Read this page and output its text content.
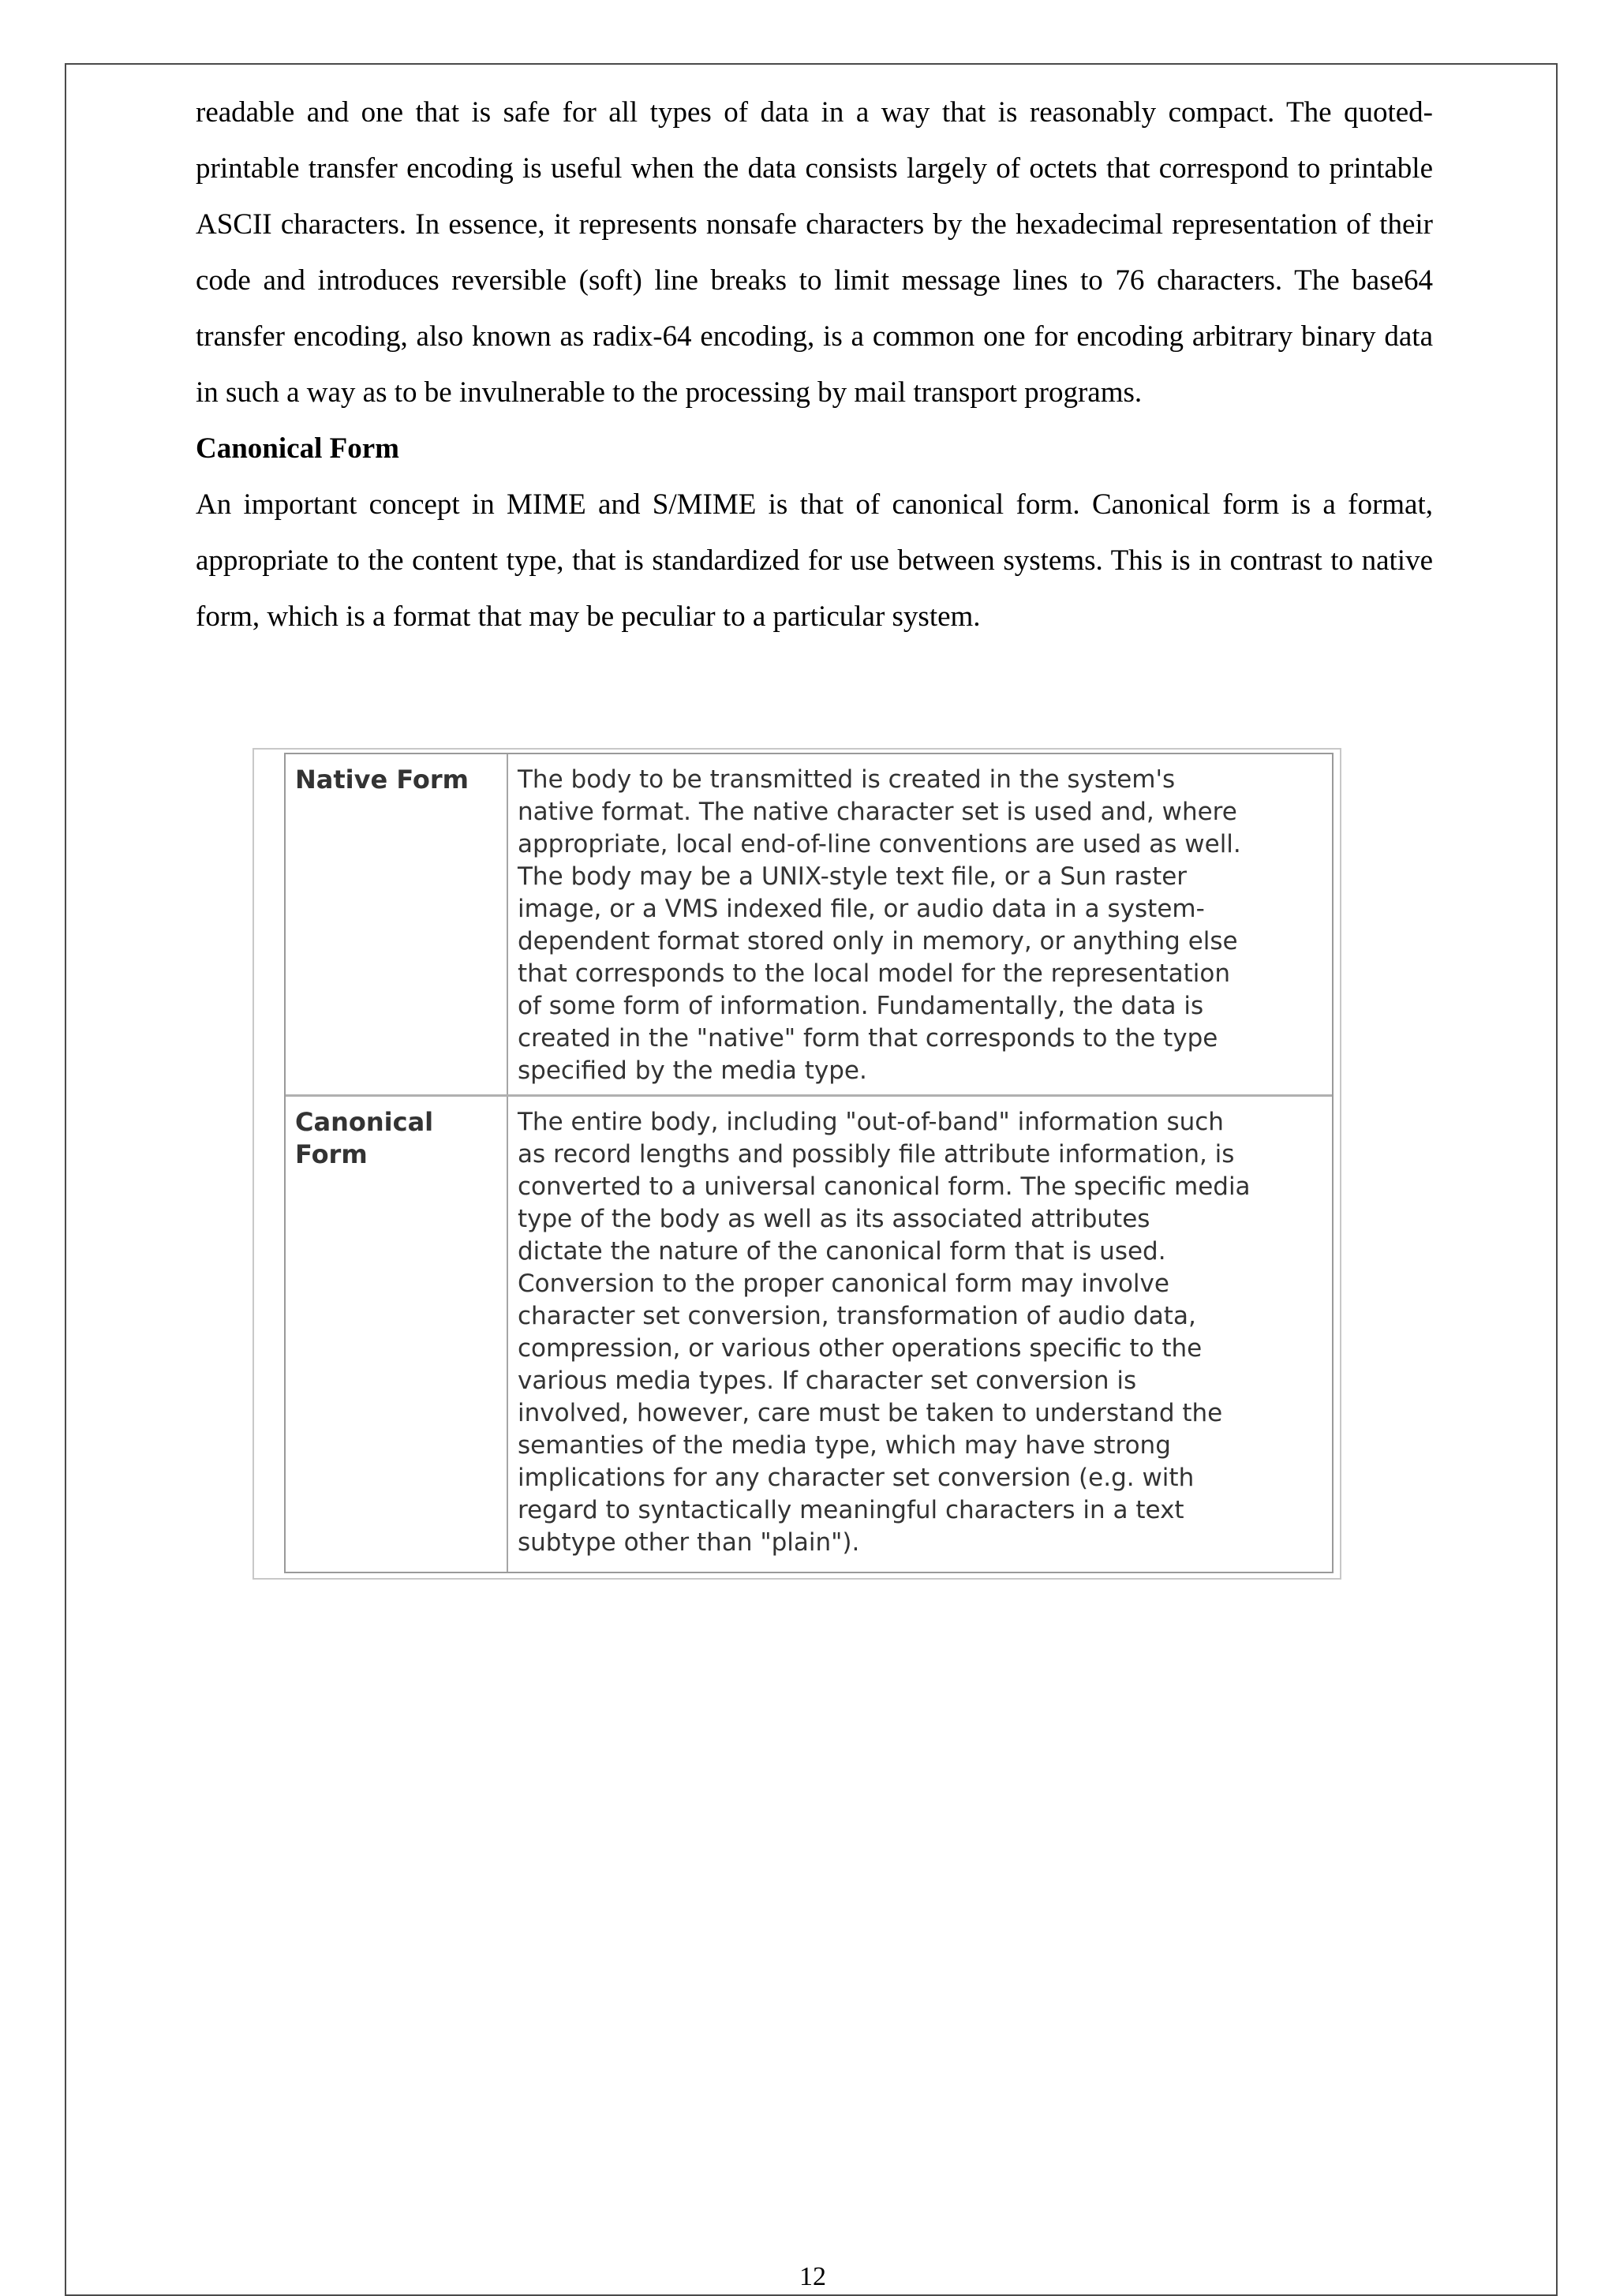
readable and one that is safe for all types of data in a way that is reasonably compact. The quoted-printable transfer encoding is useful when the data consists largely of octets that correspond to printable ASCII characters. In essence, it represents nonsafe characters by the hexadecimal representation of their code and introduces reversible (soft) line breaks to limit message lines to 76 characters. The base64 transfer encoding, also known as radix-64 encoding, is a common one for encoding arbitrary binary data in such a way as to be invulnerable to the processing by mail transport programs.

Canonical Form

An important concept in MIME and S/MIME is that of canonical form. Canonical form is a format, appropriate to the content type, that is standardized for use between systems. This is in contrast to native form, which is a format that may be peculiar to a particular system.

Native Form	The body to be transmitted is created in the system's
native format. The native character set is used and, where
appropriate, local end-of-line conventions are used as well.
The body may be a UNIX-style text file, or a Sun raster
image, or a VMS indexed file, or audio data in a system-
dependent format stored only in memory, or anything else
that corresponds to the local model for the representation
of some form of information. Fundamentally, the data is
created in the "native" form that corresponds to the type
specified by the media type.
Canonical Form
The entire body, including "out-of-band" information such
as record lengths and possibly file attribute information, is
converted to a universal canonical form. The specific media
type of the body as well as its associated attributes
dictate the nature of the canonical form that is used.
Conversion to the proper canonical form may involve
character set conversion, transformation of audio data,
compression, or various other operations specific to the
various media types. If character set conversion is
involved, however, care must be taken to understand the
semanties of the media type, which may have strong
implications for any character set conversion (e.g. with
regard to syntactically meaningful characters in a text
subtype other than "plain").
12
